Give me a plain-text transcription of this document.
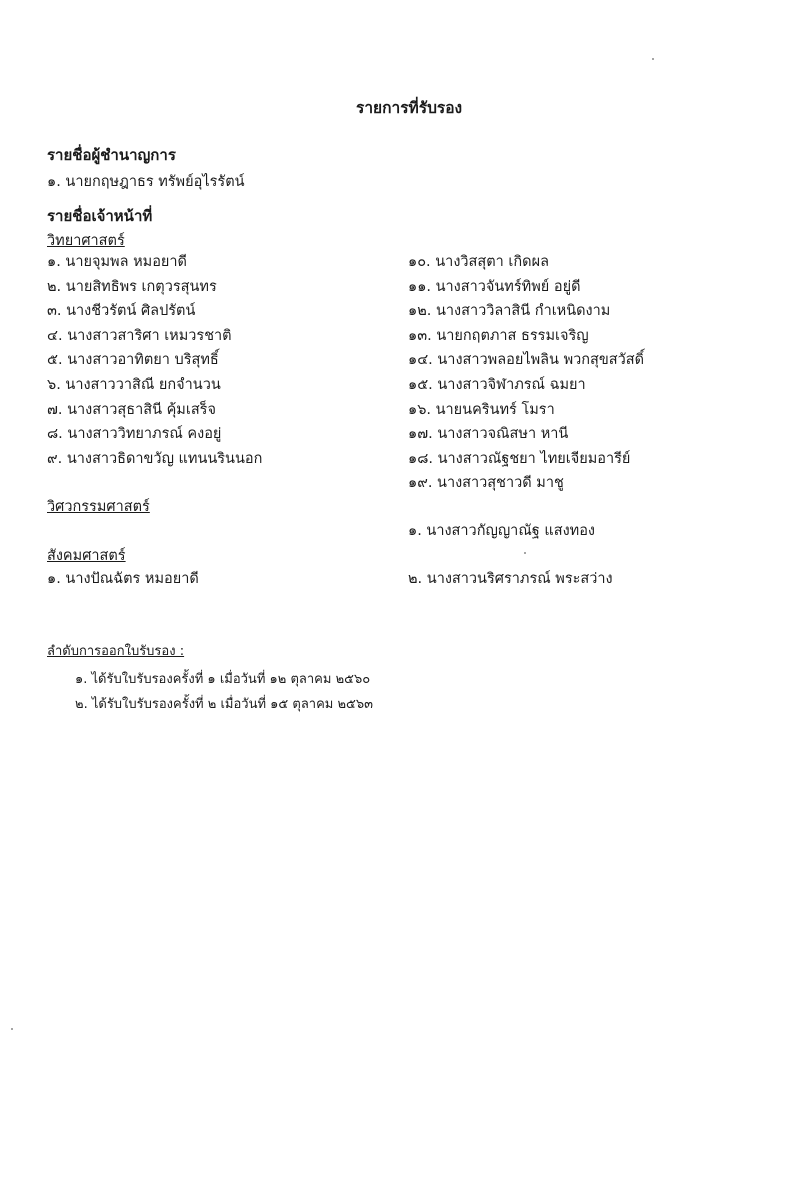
รายการที่รับรอง
รายชื่อผู้ชำนาญการ
๑. นายกฤษฎาธร ทรัพย์อุไรรัตน์
รายชื่อเจ้าหน้าที่
วิทยาศาสตร์
๑. นายจุมพล หมอยาดี
๒. นายสิทธิพร เกตุวรสุนทร
๓. นางชีวรัตน์ ศิลปรัตน์
๔. นางสาวสาริศา เหมวรชาติ
๕. นางสาวอาทิตยา บริสุทธิ์
๖. นางสาววาสิณี ยกจำนวน
๗. นางสาวสุธาสินี คุ้มเสร็จ
๘. นางสาววิทยาภรณ์ คงอยู่
๙. นางสาวธิดาขวัญ แทนนรินนอก
๑๐. นางวิสสุตา เกิดผล
๑๑. นางสาวจันทร์ทิพย์ อยู่ดี
๑๒. นางสาววิลาสินี กำเหนิดงาม
๑๓. นายกฤตภาส ธรรมเจริญ
๑๔. นางสาวพลอยไพลิน พวกสุขสวัสดิ์
๑๕. นางสาวจิฬาภรณ์ ฉมยา
๑๖. นายนครินทร์ โมรา
๑๗. นางสาวจณิสษา หานี
๑๘. นางสาวณัฐชยา ไทยเจียมอารีย์
๑๙. นางสาวสุชาวดี มาชู
วิศวกรรมศาสตร์
๑. นางสาวกัญญาณัฐ แสงทอง
สังคมศาสตร์
๑. นางปัณฉัตร หมอยาดี	๒. นางสาวนริศราภรณ์ พระสว่าง
ลำดับการออกใบรับรอง :
๑. ได้รับใบรับรองครั้งที่ ๑ เมื่อวันที่ ๑๒ ตุลาคม ๒๕๖๐
๒. ได้รับใบรับรองครั้งที่ ๒ เมื่อวันที่ ๑๕ ตุลาคม ๒๕๖๓
